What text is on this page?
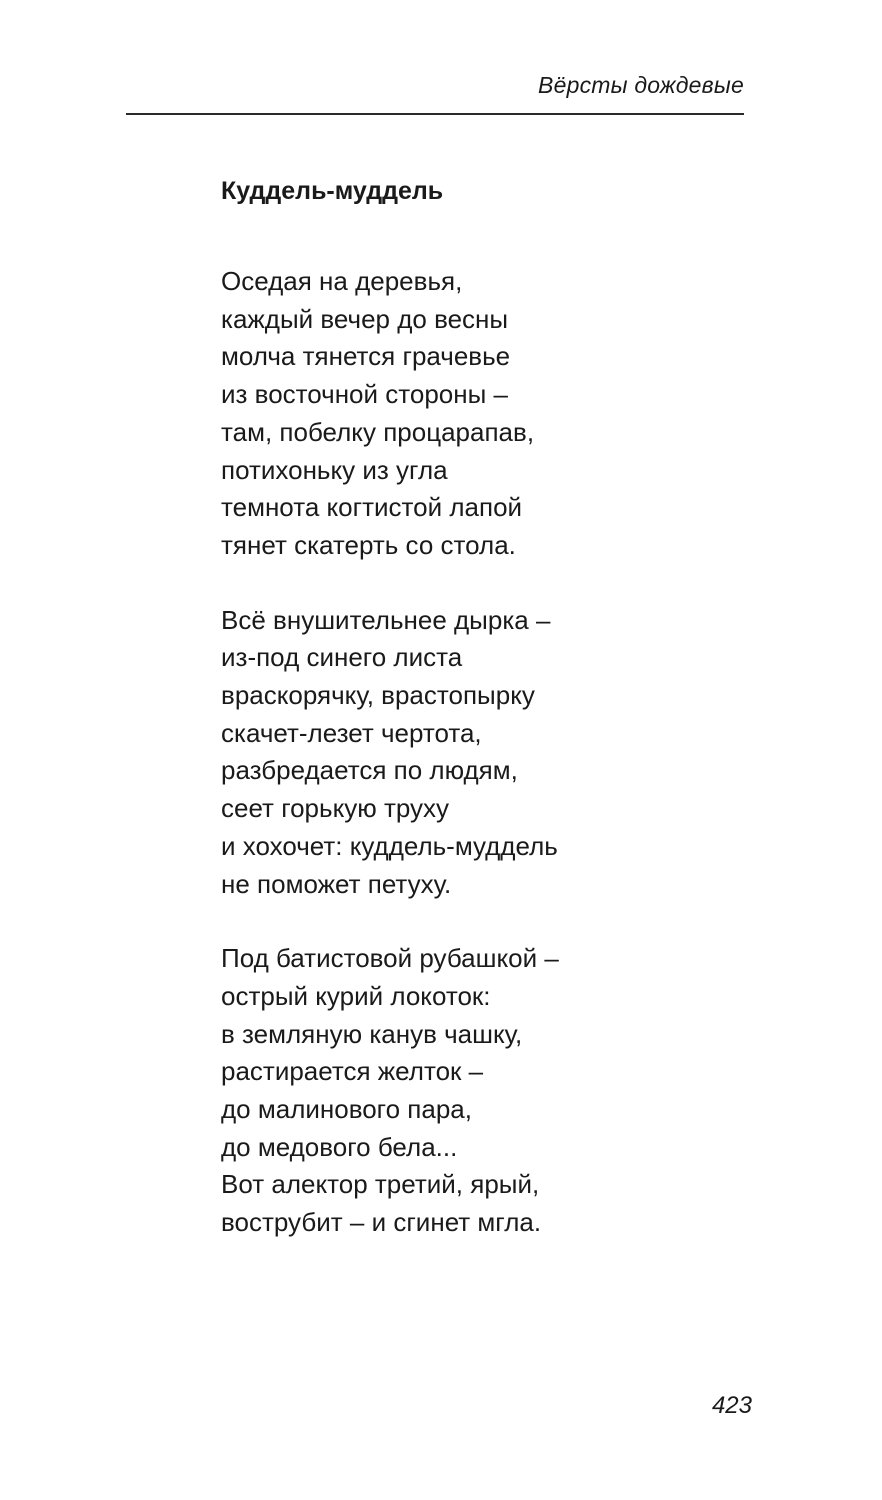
Вёрсты дождевые
Куддель-муддель

Оседая на деревья,
каждый вечер до весны
молча тянется грачевье
из восточной стороны –
там, побелку процарапав,
потихоньку из угла
темнота когтистой лапой
тянет скатерть со стола.

Всё внушительнее дырка –
из-под синего листа
враскорячку, врастопырку
скачет-лезет чертота,
разбредается по людям,
сеет горькую труху
и хохочет: куддель-муддель
не поможет петуху.

Под батистовой рубашкой –
острый курий локоток:
в земляную канув чашку,
растирается желток –
до малинового пара,
до медового бела...
Вот алектор третий, ярый,
вострубит – и сгинет мгла.

423
